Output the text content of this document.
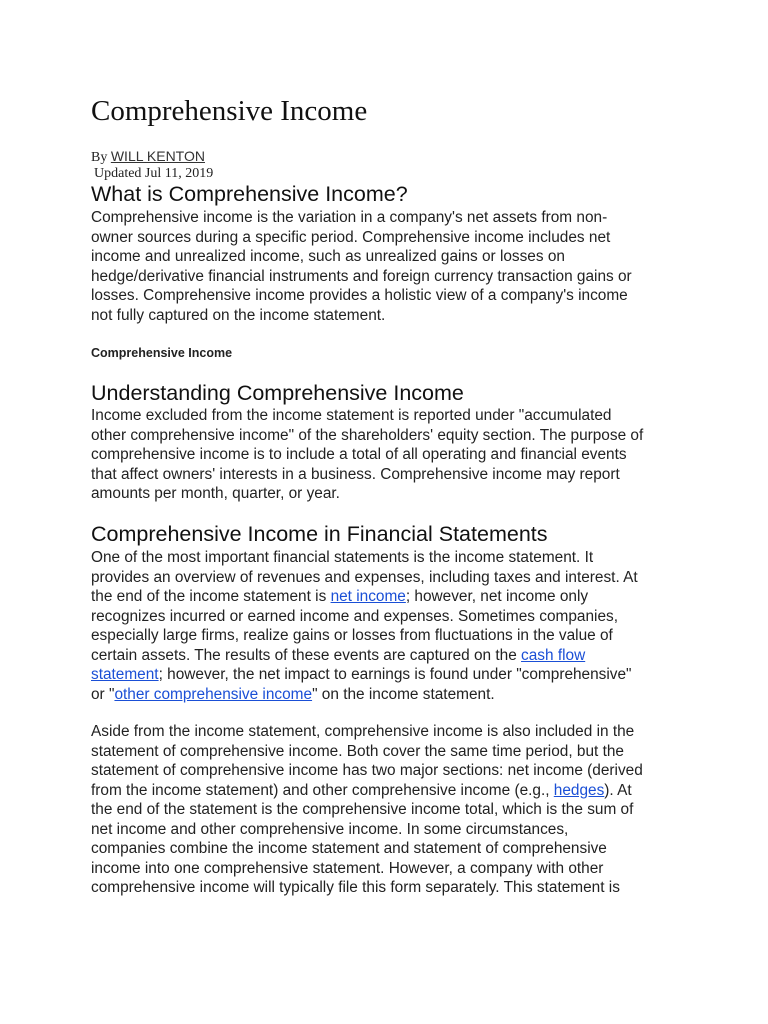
Comprehensive Income
By WILL KENTON
Updated Jul 11, 2019
What is Comprehensive Income?
Comprehensive income is the variation in a company's net assets from non-
owner sources during a specific period. Comprehensive income includes net
income and unrealized income, such as unrealized gains or losses on
hedge/derivative financial instruments and foreign currency transaction gains or
losses. Comprehensive income provides a holistic view of a company's income
not fully captured on the income statement.
Comprehensive Income
Understanding Comprehensive Income
Income excluded from the income statement is reported under "accumulated
other comprehensive income" of the shareholders' equity section. The purpose of
comprehensive income is to include a total of all operating and financial events
that affect owners' interests in a business. Comprehensive income may report
amounts per month, quarter, or year.
Comprehensive Income in Financial Statements
One of the most important financial statements is the income statement. It
provides an overview of revenues and expenses, including taxes and interest. At
the end of the income statement is net income; however, net income only
recognizes incurred or earned income and expenses. Sometimes companies,
especially large firms, realize gains or losses from fluctuations in the value of
certain assets. The results of these events are captured on the cash flow
statement; however, the net impact to earnings is found under "comprehensive"
or "other comprehensive income" on the income statement.
Aside from the income statement, comprehensive income is also included in the
statement of comprehensive income. Both cover the same time period, but the
statement of comprehensive income has two major sections: net income (derived
from the income statement) and other comprehensive income (e.g., hedges). At
the end of the statement is the comprehensive income total, which is the sum of
net income and other comprehensive income. In some circumstances,
companies combine the income statement and statement of comprehensive
income into one comprehensive statement. However, a company with other
comprehensive income will typically file this form separately. This statement is
